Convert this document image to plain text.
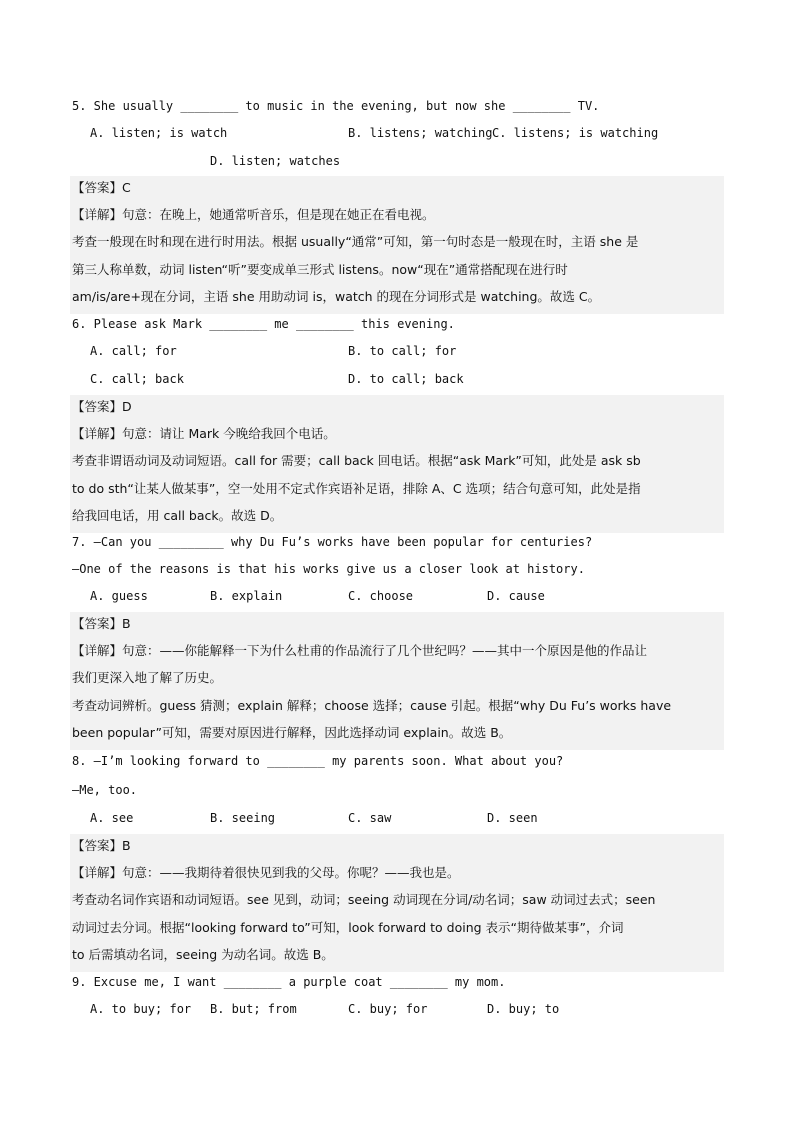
5. She usually ________ to music in the evening, but now she ________ TV.
A. listen; is watch	B. listens; watching C. listens; is watching
D. listen; watches
【答案】C
【详解】句意：在晚上，她通常听音乐，但是现在她正在看电视。
考查一般现在时和现在进行时用法。根据 usually“通常”可知，第一句时态是一般现在时，主语 she 是
第三人称单数，动词 listen“听”要变成单三形式 listens。now“现在”通常搭配现在进行时
am/is/are+现在分词，主语 she 用助动词 is，watch 的现在分词形式是 watching。故选 C。
6. Please ask Mark ________ me ________ this evening.
A. call; for	B. to call; for
C. call; back	D. to call; back
【答案】D
【详解】句意：请让 Mark 今晚给我回个电话。
考查非谓语动词及动词短语。call for 需要；call back 回电话。根据“ask Mark”可知，此处是 ask sb
to do sth“让某人做某事”，空一处用不定式作宾语补足语，排除 A、C 选项；结合句意可知，此处是指
给我回电话，用 call back。故选 D。
7. —Can you _________ why Du Fu’s works have been popular for centuries?
—One of the reasons is that his works give us a closer look at history.
A. guess	B. explain	C. choose	D. cause
【答案】B
【详解】句意：——你能解释一下为什么杜甫的作品流行了几个世纪吗？——其中一个原因是他的作品让
我们更深入地了解了历史。
考查动词辨析。guess 猜测；explain 解释；choose 选择；cause 引起。根据“why Du Fu’s works have
been popular”可知，需要对原因进行解释，因此选择动词 explain。故选 B。
8. —I’m looking forward to ________ my parents soon. What about you?
—Me, too.
A. see	B. seeing	C. saw	D. seen
【答案】B
【详解】句意：——我期待着很快见到我的父母。你呢？——我也是。
考查动名词作宾语和动词短语。see 见到，动词；seeing 动词现在分词/动名词；saw 动词过去式；seen
动词过去分词。根据“looking forward to”可知，look forward to doing 表示“期待做某事”，介词
to 后需填动名词，seeing 为动名词。故选 B。
9. Excuse me, I want ________ a purple coat ________ my mom.
A. to buy; for B. but; from	C. buy; for	D. buy; to
